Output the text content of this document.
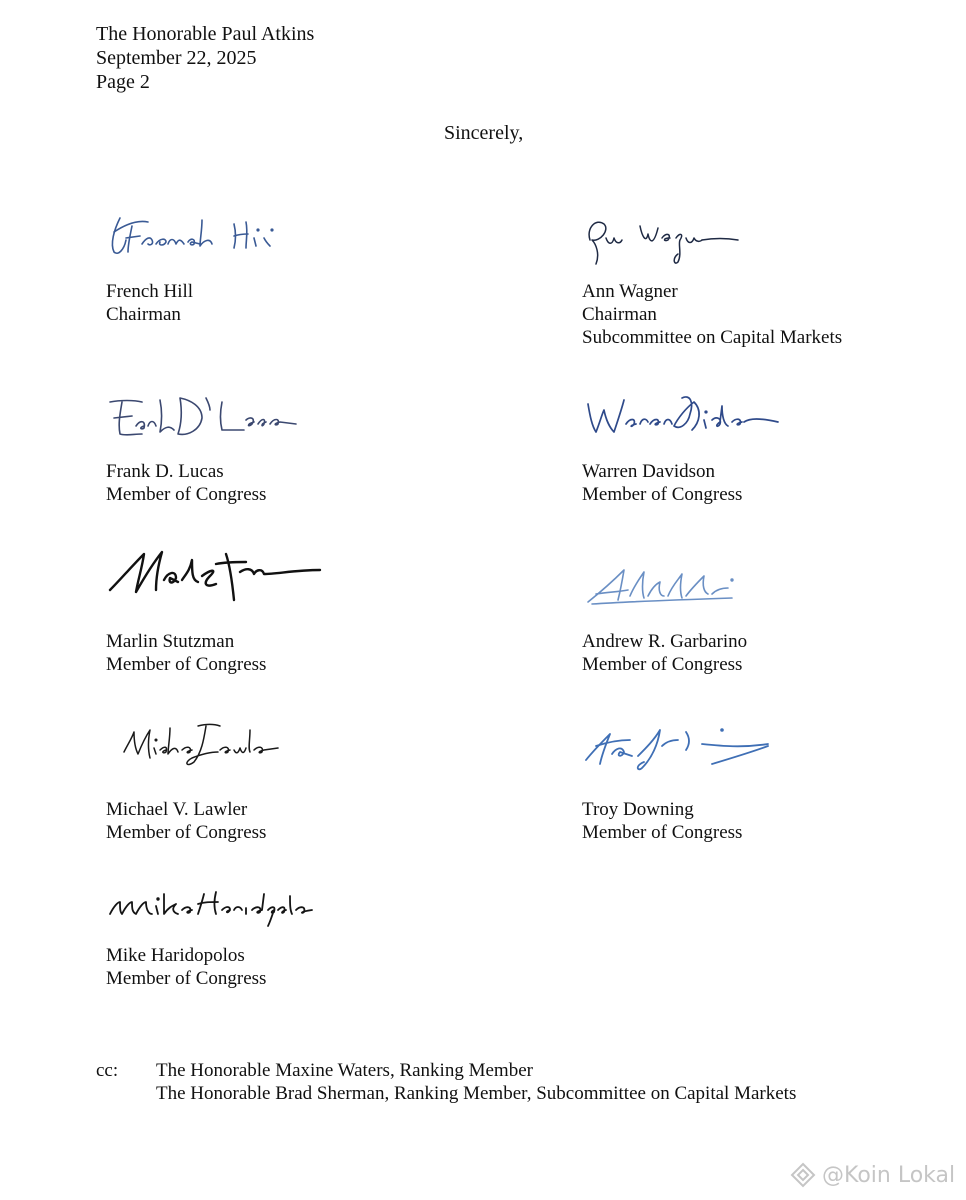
The Honorable Paul Atkins
September 22, 2025
Page 2
Sincerely,
French Hill
Chairman
Ann Wagner
Chairman
Subcommittee on Capital Markets
Frank D. Lucas
Member of Congress
Warren Davidson
Member of Congress
Marlin Stutzman
Member of Congress
Andrew R. Garbarino
Member of Congress
Michael V. Lawler
Member of Congress
Troy Downing
Member of Congress
Mike Haridopolos
Member of Congress
cc: The Honorable Maxine Waters, Ranking Member
The Honorable Brad Sherman, Ranking Member, Subcommittee on Capital Markets
@Koin Lokal
